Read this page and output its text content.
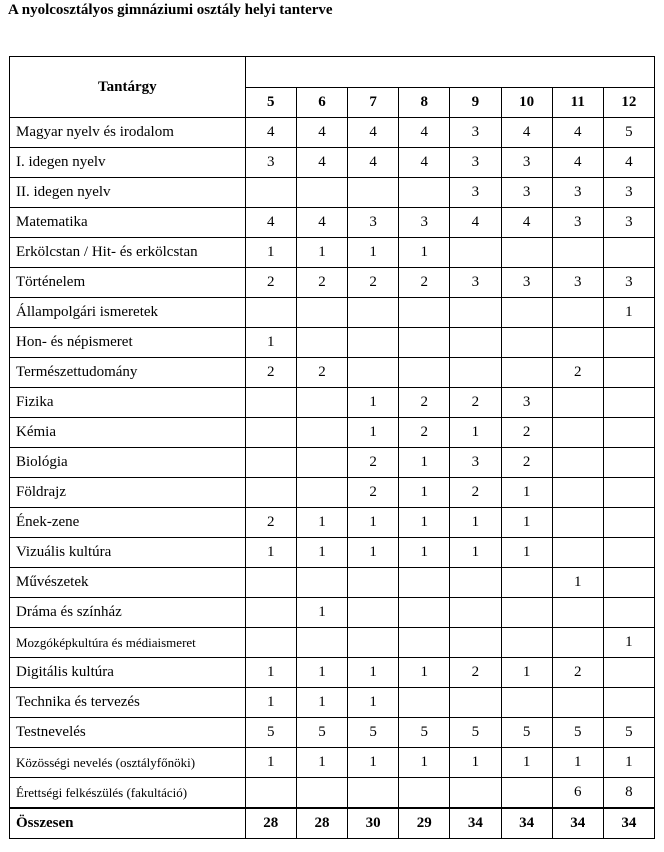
A nyolcosztályos gimnáziumi osztály helyi tanterve
Tantárgy								
	5	6	7	8	9	10	11	12
Magyar nyelv és irodalom	4	4	4	4	3	4	4	5
I. idegen nyelv	3	4	4	4	3	3	4	4
II. idegen nyelv					3	3	3	3
Matematika	4	4	3	3	4	4	3	3
Erkölcstan / Hit- és erkölcstan	1	1	1	1				
Történelem	2	2	2	2	3	3	3	3
Állampolgári ismeretek								1
Hon- és népismeret	1							
Természettudomány	2	2					2	
Fizika			1	2	2	3		
Kémia			1	2	1	2		
Biológia			2	1	3	2		
Földrajz			2	1	2	1		
Ének-zene	2	1	1	1	1	1		
Vizuális kultúra	1	1	1	1	1	1		
Művészetek							1	
Dráma és színház		1						
Mozgóképkultúra és médiaismeret								1
Digitális kultúra	1	1	1	1	2	1	2	
Technika és tervezés	1	1	1					
Testnevelés	5	5	5	5	5	5	5	5
Közösségi nevelés (osztályfőnöki)	1	1	1	1	1	1	1	1
Érettségi felkészülés (fakultáció)							6	8
Összesen	28	28	30	29	34	34	34	34
